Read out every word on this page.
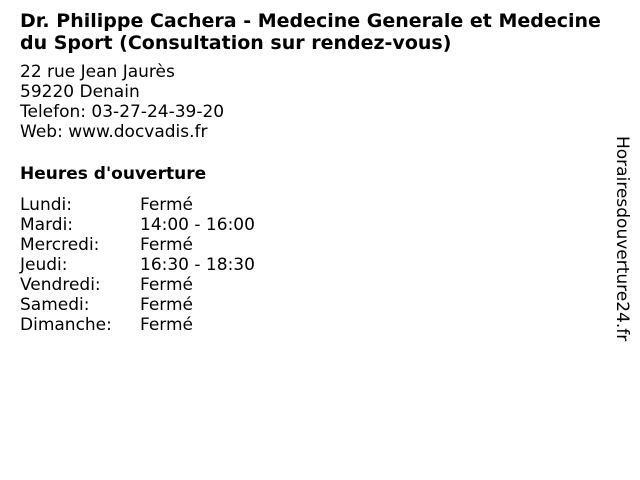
Dr. Philippe Cachera - Medecine Generale et Medecine du Sport (Consultation sur rendez-vous)
22 rue Jean Jaurès
59220 Denain
Telefon: 03-27-24-39-20
Web: www.docvadis.fr
Heures d'ouverture
Lundi:	Fermé
Mardi:	14:00 - 16:00
Mercredi:	Fermé
Jeudi:	16:30 - 18:30
Vendredi:	Fermé
Samedi:	Fermé
Dimanche:	Fermé	Horairesdouverture24.fr
